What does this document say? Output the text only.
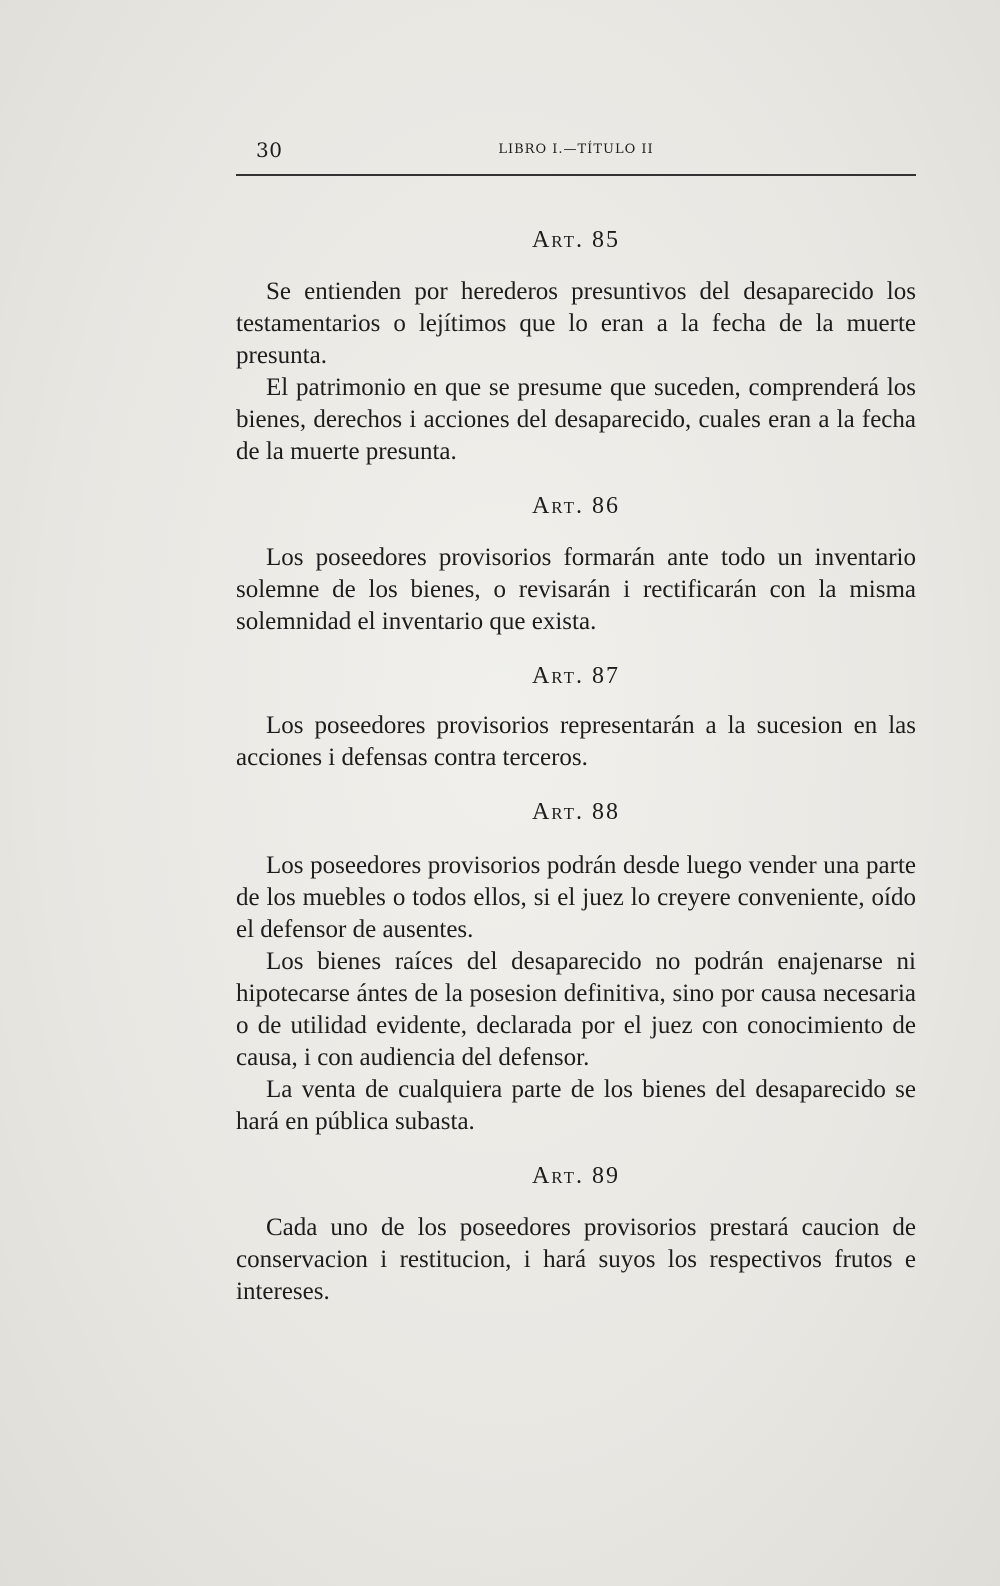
30	LIBRO I.—TÍTULO II
Art. 85

Se entienden por herederos presuntivos del desaparecido los testamentarios o lejítimos que lo eran a la fecha de la muerte presunta.

El patrimonio en que se presume que suceden, comprenderá los bienes, derechos i acciones del desaparecido, cuales eran a la fecha de la muerte presunta.

Art. 86

Los poseedores provisorios formarán ante todo un inventario solemne de los bienes, o revisarán i rectificarán con la misma solemnidad el inventario que exista.

Art. 87

Los poseedores provisorios representarán a la sucesion en las acciones i defensas contra terceros.

Art. 88

Los poseedores provisorios podrán desde luego vender una parte de los muebles o todos ellos, si el juez lo creyere conveniente, oído el defensor de ausentes.

Los bienes raíces del desaparecido no podrán enajenarse ni hipotecarse ántes de la posesion definitiva, sino por causa necesaria o de utilidad evidente, declarada por el juez con conocimiento de causa, i con audiencia del defensor.

La venta de cualquiera parte de los bienes del desaparecido se hará en pública subasta.

Art. 89

Cada uno de los poseedores provisorios prestará caucion de conservacion i restitucion, i hará suyos los respectivos frutos e intereses.
